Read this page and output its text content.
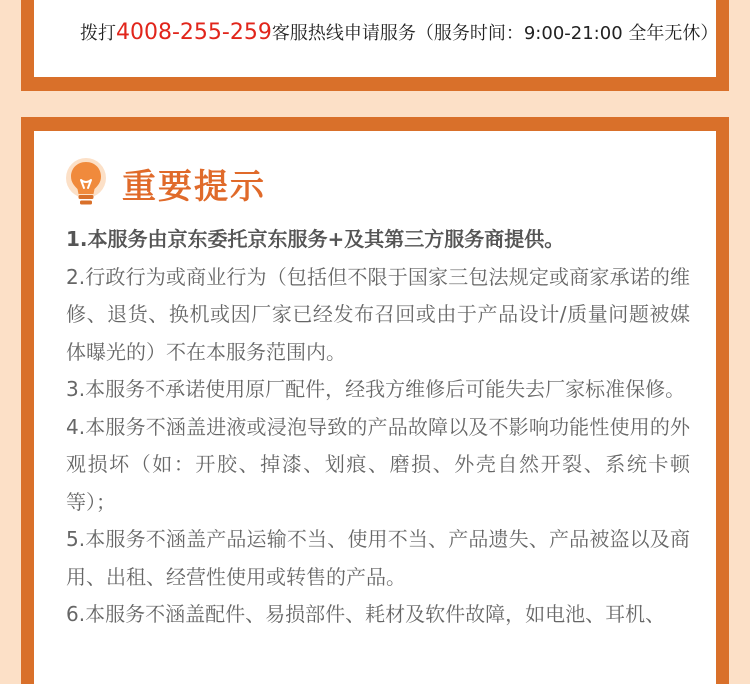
拨打4008-255-259客服热线申请服务（服务时间：9:00-21:00 全年无休）
重要提示
1.本服务由京东委托京东服务+及其第三方服务商提供。
2.行政行为或商业行为（包括但不限于国家三包法规定或商家承诺的维修、退货、换机或因厂家已经发布召回或由于产品设计/质量问题被媒体曝光的）不在本服务范围内。
3.本服务不承诺使用原厂配件，经我方维修后可能失去厂家标准保修。
4.本服务不涵盖进液或浸泡导致的产品故障以及不影响功能性使用的外观损坏（如：开胶、掉漆、划痕、磨损、外壳自然开裂、系统卡顿等）；
5.本服务不涵盖产品运输不当、使用不当、产品遗失、产品被盗以及商用、出租、经营性使用或转售的产品。
6.本服务不涵盖配件、易损部件、耗材及软件故障，如电池、耳机、
